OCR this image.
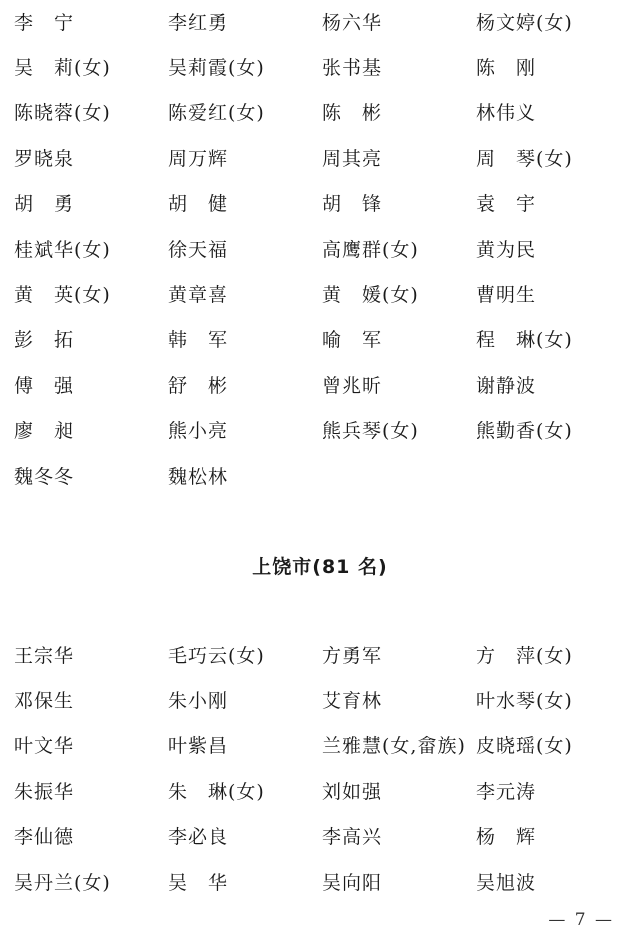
李　宁	李红勇	杨六华	杨文婷(女)
吴　莉(女)	吴莉霞(女)	张书基	陈　刚
陈晓蓉(女)	陈爱红(女)	陈　彬	林伟义
罗晓泉	周万辉	周其亮	周　琴(女)
胡　勇	胡　健	胡　锋	袁　宇
桂斌华(女)	徐天福	高鹰群(女)	黄为民
黄　英(女)	黄章喜	黄　媛(女)	曹明生
彭　拓	韩　军	喻　军	程　琳(女)
傅　强	舒　彬	曾兆昕	谢静波
廖　昶	熊小亮	熊兵琴(女)	熊勤香(女)
魏冬冬	魏松林
上饶市(81 名)
王宗华	毛巧云(女)	方勇军	方　萍(女)
邓保生	朱小刚	艾育林	叶水琴(女)
叶文华	叶紫昌	兰雅慧(女,畲族) 皮晓瑶(女)
朱振华	朱　琳(女)	刘如强	李元涛
李仙德	李必良	李高兴	杨　辉
吴丹兰(女)	吴　华	吴向阳	吴旭波
— 7 —
